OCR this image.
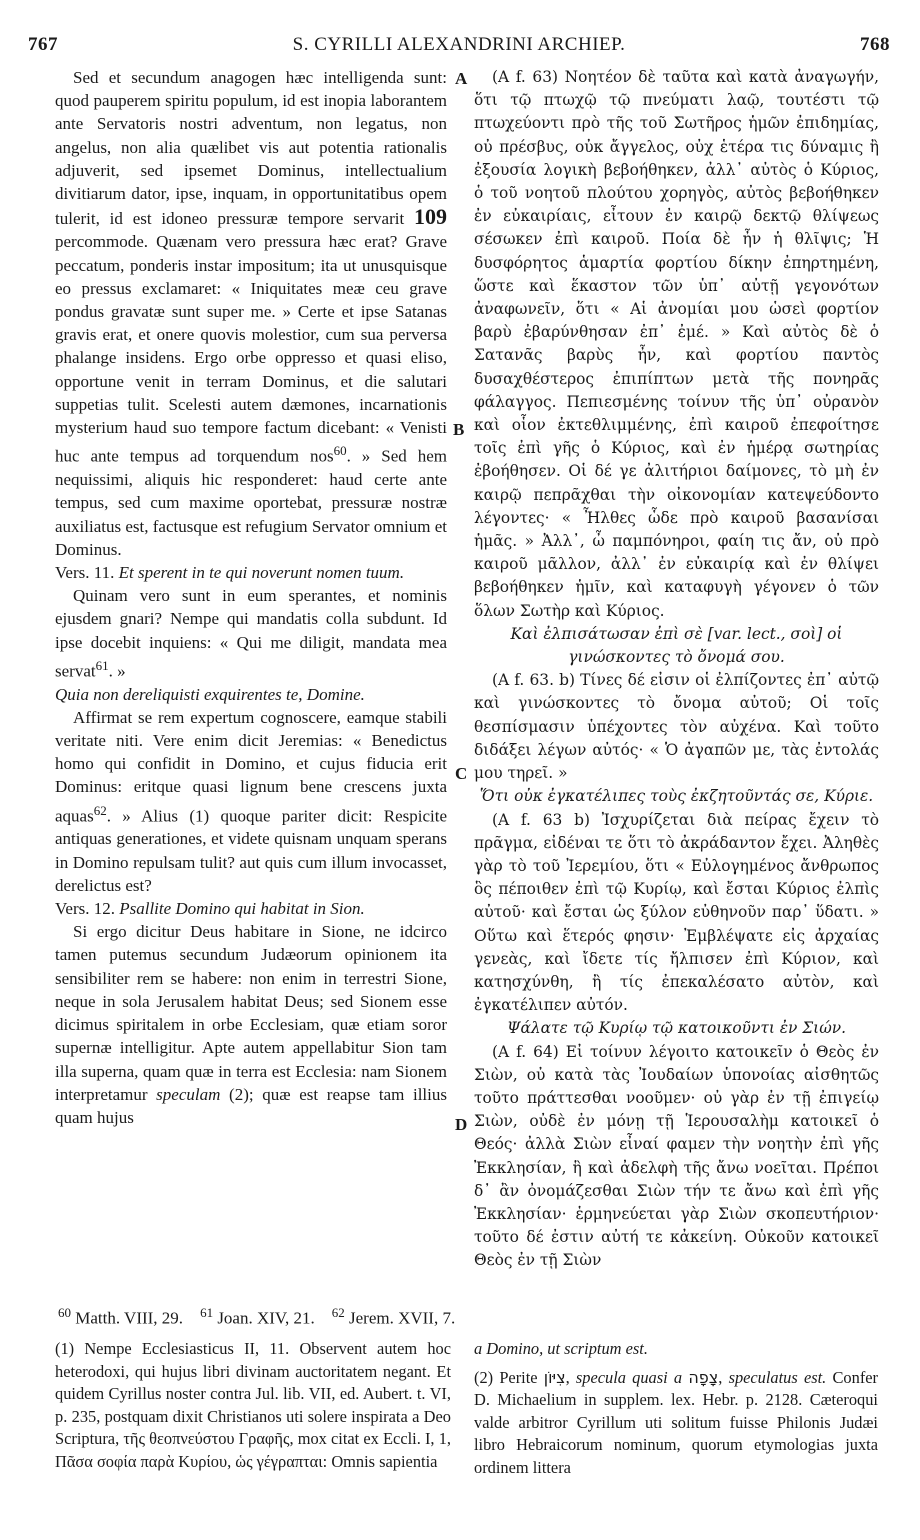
767	S. CYRILLI ALEXANDRINI ARCHIEP.	768
A
B
C
D

Sed et secundum anagogen hæc intelligenda sunt: quod pauperem spiritu populum, id est inopia laborantem ante Servatoris nostri adventum, non legatus, non angelus, non alia quælibet vis aut potentia rationalis adjuverit, sed ipsemet Dominus, intellectualium divitiarum dator, ipse, inquam, in opportunitatibus opem tulerit, id est idoneo pressuræ tempore servarit 109 percommode. Quænam vero pressura hæc erat? Grave peccatum, ponderis instar impositum; ita ut unusquisque eo pressus exclamaret: « Iniquitates meæ ceu grave pondus gravatæ sunt super me. » Certe et ipse Satanas gravis erat, et onere quovis molestior, cum sua perversa phalange insidens. Ergo orbe oppresso et quasi eliso, opportune venit in terram Dominus, et die salutari suppetias tulit. Scelesti autem dæmones, incarnationis mysterium haud suo tempore factum dicebant: « Venisti huc ante tempus ad torquendum nos$^{60}$. » Sed hem nequissimi, aliquis hic responderet: haud certe ante tempus, sed cum maxime oportebat, pressuræ nostræ auxiliatus est, factusque est refugium Servator omnium et Dominus.

Vers. 11. Et sperent in te qui noverunt nomen tuum.

Quinam vero sunt in eum sperantes, et nominis ejusdem gnari? Nempe qui mandatis colla subdunt. Id ipse docebit inquiens: « Qui me diligit, mandata mea servat$^{61}$. »

Quia non dereliquisti exquirentes te, Domine.

Affirmat se rem expertum cognoscere, eamque stabili veritate niti. Vere enim dicit Jeremias: « Benedictus homo qui confidit in Domino, et cujus fiducia erit Dominus: eritque quasi lignum bene crescens juxta aquas$^{62}$. » Alius (1) quoque pariter dicit: Respicite antiquas generationes, et videte quisnam unquam sperans in Domino repulsam tulit? aut quis cum illum invocasset, derelictus est?

Vers. 12. Psallite Domino qui habitat in Sion.

Si ergo dicitur Deus habitare in Sione, ne idcirco tamen putemus secundum Judæorum opinionem ita sensibiliter rem se habere: non enim in terrestri Sione, neque in sola Jerusalem habitat Deus; sed Sionem esse dicimus spiritalem in orbe Ecclesiam, quæ etiam soror supernæ intelligitur. Apte autem appellabitur Sion tam illa superna, quam quæ in terra est Ecclesia: nam Sionem interpretamur speculam (2); quæ est reapse tam illius quam hujus

(A f. 63) Νοητέον δὲ ταῦτα καὶ κατὰ ἀναγωγήν, ὅτι τῷ πτωχῷ τῷ πνεύματι λαῷ, τουτέστι τῷ πτωχεύοντι πρὸ τῆς τοῦ Σωτῆρος ἡμῶν ἐπιδημίας, οὐ πρέσβυς, οὐκ ἄγγελος, οὐχ ἑτέρα τις δύναμις ἢ ἐξουσία λογικὴ βεβοήθηκεν, ἀλλ᾽ αὐτὸς ὁ Κύριος, ὁ τοῦ νοητοῦ πλούτου χορηγὸς, αὐτὸς βεβοήθηκεν ἐν εὐκαιρίαις, εἶτουν ἐν καιρῷ δεκτῷ θλίψεως σέσωκεν ἐπὶ καιροῦ. Ποία δὲ ἦν ἡ θλῖψις; Ἡ δυσφόρητος ἁμαρτία φορτίου δίκην ἐπηρτημένη, ὥστε καὶ ἕκαστον τῶν ὑπ᾽ αὐτῇ γεγονότων ἀναφωνεῖν, ὅτι « Αἱ ἀνομίαι μου ὡσεὶ φορτίον βαρὺ ἐβαρύνθησαν ἐπ᾽ ἐμέ. » Καὶ αὐτὸς δὲ ὁ Σατανᾶς βαρὺς ἦν, καὶ φορτίου παντὸς δυσαχθέστερος ἐπιπίπτων μετὰ τῆς πονηρᾶς φάλαγγος. Πεπιεσμένης τοίνυν τῆς ὑπ᾽ οὐρανὸν καὶ οἷον ἐκτεθλιμμένης, ἐπὶ καιροῦ ἐπεφοίτησε τοῖς ἐπὶ γῆς ὁ Κύριος, καὶ ἐν ἡμέρᾳ σωτηρίας ἐβοήθησεν. Οἱ δέ γε ἀλιτήριοι δαίμονες, τὸ μὴ ἐν καιρῷ πεπρᾶχθαι τὴν οἰκονομίαν κατεψεύδοντο λέγοντες· « Ἦλθες ὧδε πρὸ καιροῦ βασανίσαι ἡμᾶς. » Ἀλλ᾽, ὦ παμπόνηροι, φαίη τις ἄν, οὐ πρὸ καιροῦ μᾶλλον, ἀλλ᾽ ἐν εὐκαιρίᾳ καὶ ἐν θλίψει βεβοήθηκεν ἡμῖν, καὶ καταφυγὴ γέγονεν ὁ τῶν ὅλων Σωτὴρ καὶ Κύριος.

Καὶ ἐλπισάτωσαν ἐπὶ σὲ [var. lect., σοὶ] οἱ γινώσκοντες τὸ ὄνομά σου.

(A f. 63. b) Τίνες δέ εἰσιν οἱ ἐλπίζοντες ἐπ᾽ αὐτῷ καὶ γινώσκοντες τὸ ὄνομα αὐτοῦ; Οἱ τοῖς θεσπίσμασιν ὑπέχοντες τὸν αὐχένα. Καὶ τοῦτο διδάξει λέγων αὐτός· « Ὁ ἀγαπῶν με, τὰς ἐντολάς μου τηρεῖ. »

Ὅτι οὐκ ἐγκατέλιπες τοὺς ἐκζητοῦντάς σε, Κύριε.

(A f. 63 b) Ἰσχυρίζεται διὰ πείρας ἔχειν τὸ πρᾶγμα, εἰδέναι τε ὅτι τὸ ἀκράδαντον ἔχει. Ἀληθὲς γὰρ τὸ τοῦ Ἰερεμίου, ὅτι « Εὐλογημένος ἄνθρωπος ὃς πέποιθεν ἐπὶ τῷ Κυρίῳ, καὶ ἔσται Κύριος ἐλπὶς αὐτοῦ· καὶ ἔσται ὡς ξύλον εὐθηνοῦν παρ᾽ ὕδατι. » Οὕτω καὶ ἕτερός φησιν· Ἐμβλέψατε εἰς ἀρχαίας γενεὰς, καὶ ἴδετε τίς ἤλπισεν ἐπὶ Κύριον, καὶ κατησχύνθη, ἢ τίς ἐπεκαλέσατο αὐτὸν, καὶ ἐγκατέλιπεν αὐτόν.

Ψάλατε τῷ Κυρίῳ τῷ κατοικοῦντι ἐν Σιών.

(A f. 64) Εἰ τοίνυν λέγοιτο κατοικεῖν ὁ Θεὸς ἐν Σιὼν, οὐ κατὰ τὰς Ἰουδαίων ὑπονοίας αἰσθητῶς τοῦτο πράττεσθαι νοοῦμεν· οὐ γὰρ ἐν τῇ ἐπιγείῳ Σιὼν, οὐδὲ ἐν μόνῃ τῇ Ἱερουσαλὴμ κατοικεῖ ὁ Θεός· ἀλλὰ Σιὼν εἶναί φαμεν τὴν νοητὴν ἐπὶ γῆς Ἐκκλησίαν, ἣ καὶ ἀδελφὴ τῆς ἄνω νοεῖται. Πρέποι δ᾽ ἂν ὀνομάζεσθαι Σιὼν τήν τε ἄνω καὶ ἐπὶ γῆς Ἐκκλησίαν· ἑρμηνεύεται γὰρ Σιὼν σκοπευτήριον· τοῦτο δέ ἐστιν αὐτή τε κἀκείνη. Οὐκοῦν κατοικεῖ Θεὸς ἐν τῇ Σιὼν

$^{60}$ Matth. VIII, 29. $^{61}$ Joan. XIV, 21. $^{62}$ Jerem. XVII, 7.

(1) Nempe Ecclesiasticus II, 11. Observent autem hoc heterodoxi, qui hujus libri divinam auctoritatem negant. Et quidem Cyrillus noster contra Jul. lib. VII, ed. Aubert. t. VI, p. 235, postquam dixit Christianos uti solere inspirata a Deo Scriptura, τῆς θεοπνεύστου Γραφῆς, mox citat ex Eccli. I, 1, Πᾶσα σοφία παρὰ Κυρίου, ὡς γέγραπται: Omnis sapientia

a Domino, ut scriptum est.

(2) Perite צִיּוֹן, specula quasi a צָפָה, speculatus est. Confer D. Michaelium in supplem. lex. Hebr. p. 2128. Cæteroqui valde arbitror Cyrillum uti solitum fuisse Philonis Judæi libro Hebraicorum nominum, quorum etymologias juxta ordinem littera
